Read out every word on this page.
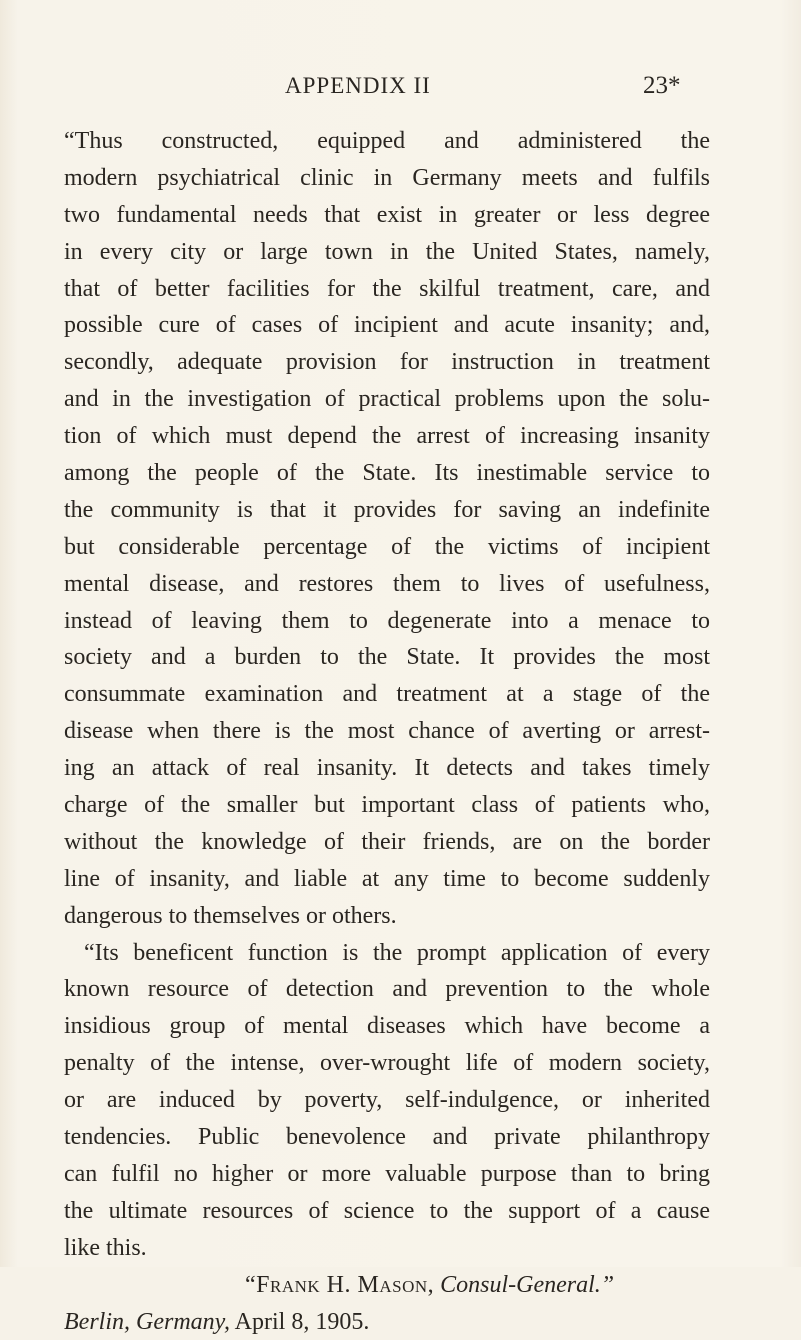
APPENDIX II	23*
“Thus constructed, equipped and administered the
modern psychiatrical clinic in Germany meets and fulfils
two fundamental needs that exist in greater or less degree
in every city or large town in the United States, namely,
that of better facilities for the skilful treatment, care, and
possible cure of cases of incipient and acute insanity; and,
secondly, adequate provision for instruction in treatment
and in the investigation of practical problems upon the solu-
tion of which must depend the arrest of increasing insanity
among the people of the State. Its inestimable service to
the community is that it provides for saving an indefinite
but considerable percentage of the victims of incipient
mental disease, and restores them to lives of usefulness,
instead of leaving them to degenerate into a menace to
society and a burden to the State. It provides the most
consummate examination and treatment at a stage of the
disease when there is the most chance of averting or arrest-
ing an attack of real insanity. It detects and takes timely
charge of the smaller but important class of patients who,
without the knowledge of their friends, are on the border
line of insanity, and liable at any time to become suddenly
dangerous to themselves or others.
“Its beneficent function is the prompt application of every
known resource of detection and prevention to the whole
insidious group of mental diseases which have become a
penalty of the intense, over-wrought life of modern society,
or are induced by poverty, self-indulgence, or inherited
tendencies. Public benevolence and private philanthropy
can fulfil no higher or more valuable purpose than to bring
the ultimate resources of science to the support of a cause
like this.
“Frank H. Mason, Consul-General.”
Berlin, Germany, April 8, 1905.
